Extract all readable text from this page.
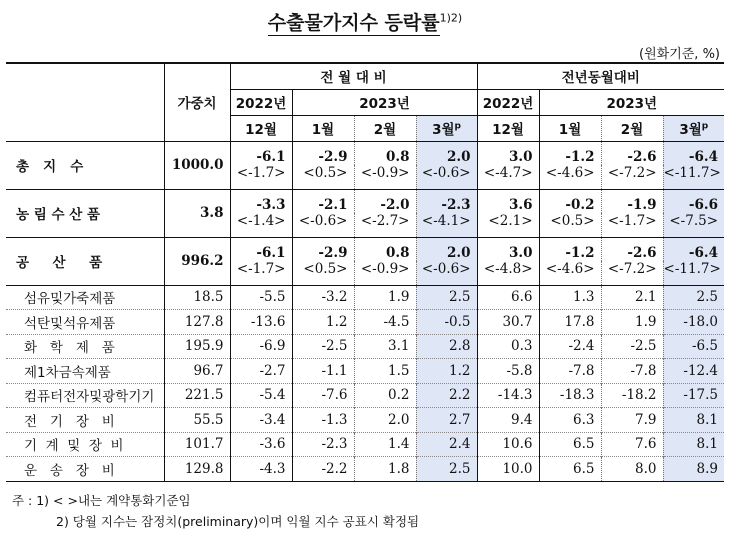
수출물가지수 등락률$^{1)2)}$
(원화기준, %)
	가중치	전 월 대 비				전년동월대비			
		2022년	2023년			2022년	2023년		
		12월	1월	2월	3월$^p$	12월	1월	2월	3월$^p$
총   지   수	1000.0	-6.1	-2.9	0.8	2.0	3.0	-1.2	-2.6	-6.4
		<-1.7>	<0.5>	<-0.9>	<-0.6>	<-4.7>	<-4.6>	<-7.2>	<-11.7>
농 림 수 산 품	3.8	-3.3	-2.1	-2.0	-2.3	3.6	-0.2	-1.9	-6.6
		<-1.4>	<-0.6>	<-2.7>	<-4.1>	<2.1>	<0.5>	<-1.7>	<-7.5>
공     산     품	996.2	-6.1	-2.9	0.8	2.0	3.0	-1.2	-2.6	-6.4
		<-1.7>	<0.5>	<-0.9>	<-0.6>	<-4.8>	<-4.6>	<-7.2>	<-11.7>
섬유및가죽제품	18.5	-5.5	-3.2	1.9	2.5	6.6	1.3	2.1	2.5
석탄및석유제품	127.8	-13.6	1.2	-4.5	-0.5	30.7	17.8	1.9	-18.0
화   학   제   품	195.9	-6.9	-2.5	3.1	2.8	0.3	-2.4	-2.5	-6.5
제1차금속제품	96.7	-2.7	-1.1	1.5	1.2	-5.8	-7.8	-7.8	-12.4
컴퓨터전자및광학기기	221.5	-5.4	-7.6	0.2	2.2	-14.3	-18.3	-18.2	-17.5
전   기   장   비	55.5	-3.4	-1.3	2.0	2.7	9.4	6.3	7.9	8.1
기  계  및  장  비	101.7	-3.6	-2.3	1.4	2.4	10.6	6.5	7.6	8.1
운   송   장   비	129.8	-4.3	-2.2	1.8	2.5	10.0	6.5	8.0	8.9
주 : 1) < >내는 계약통화기준임
2) 당월 지수는 잠정치(preliminary)이며 익월 지수 공표시 확정됨
